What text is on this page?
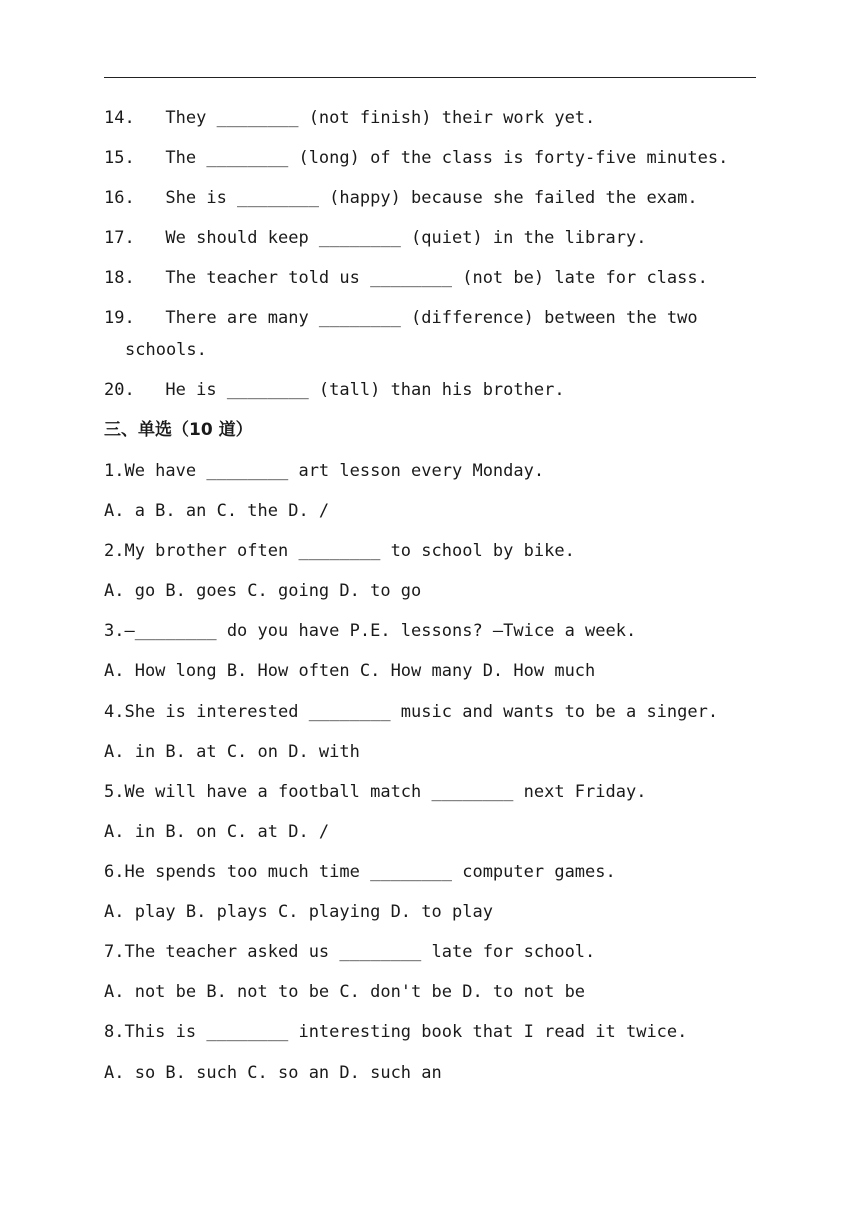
14.   They ________ (not finish) their work yet.
15.   The ________ (long) of the class is forty-five minutes.
16.   She is ________ (happy) because she failed the exam.
17.   We should keep ________ (quiet) in the library.
18.   The teacher told us ________ (not be) late for class.
19.   There are many ________ (difference) between the two
schools.
20.   He is ________ (tall) than his brother.
三、单选（10 道）
1.We have ________ art lesson every Monday.
A. a B. an C. the D. /
2.My brother often ________ to school by bike.
A. go B. goes C. going D. to go
3.—________ do you have P.E. lessons? —Twice a week.
A. How long B. How often C. How many D. How much
4.She is interested ________ music and wants to be a singer.
A. in B. at C. on D. with
5.We will have a football match ________ next Friday.
A. in B. on C. at D. /
6.He spends too much time ________ computer games.
A. play B. plays C. playing D. to play
7.The teacher asked us ________ late for school.
A. not be B. not to be C. don't be D. to not be
8.This is ________ interesting book that I read it twice.
A. so B. such C. so an D. such an
